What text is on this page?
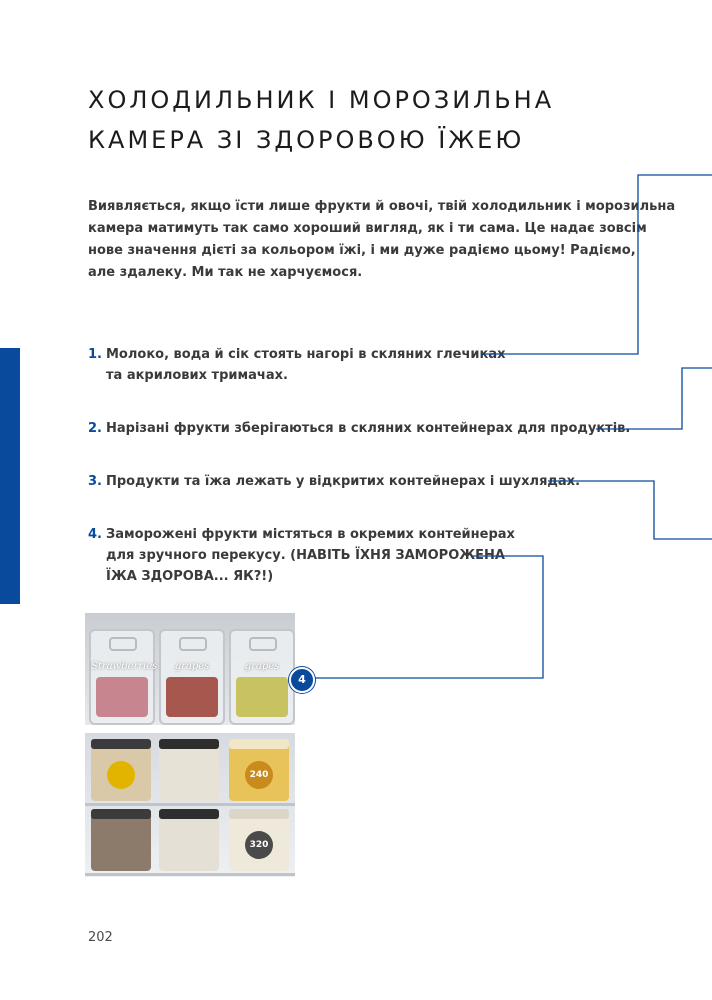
ХОЛОДИЛЬНИК І МОРОЗИЛЬНА
КАМЕРА ЗІ ЗДОРОВОЮ ЇЖЕЮ

Виявляється, якщо їсти лише фрукти й овочі, твій холодильник і морозильна
камера матимуть так само хороший вигляд, як і ти сама. Це надає зовсім
нове значення дієті за кольором їжі, і ми дуже радіємо цьому! Радіємо,
але здалеку. Ми так не харчуємося.

1. Молоко, вода й сік стоять нагорі в скляних глечиках
та акрилових тримачах.
2. Нарізані фрукти зберігаються в скляних контейнерах для продуктів.
3. Продукти та їжа лежать у відкритих контейнерах і шухлядах.
4. Заморожені фрукти містяться в окремих контейнерах
для зручного перекусу. (НАВІТЬ ЇХНЯ ЗАМОРОЖЕНА
ЇЖА ЗДОРОВА... ЯК?!)
Strawberries	grapes	grapes
240
320
4
202
